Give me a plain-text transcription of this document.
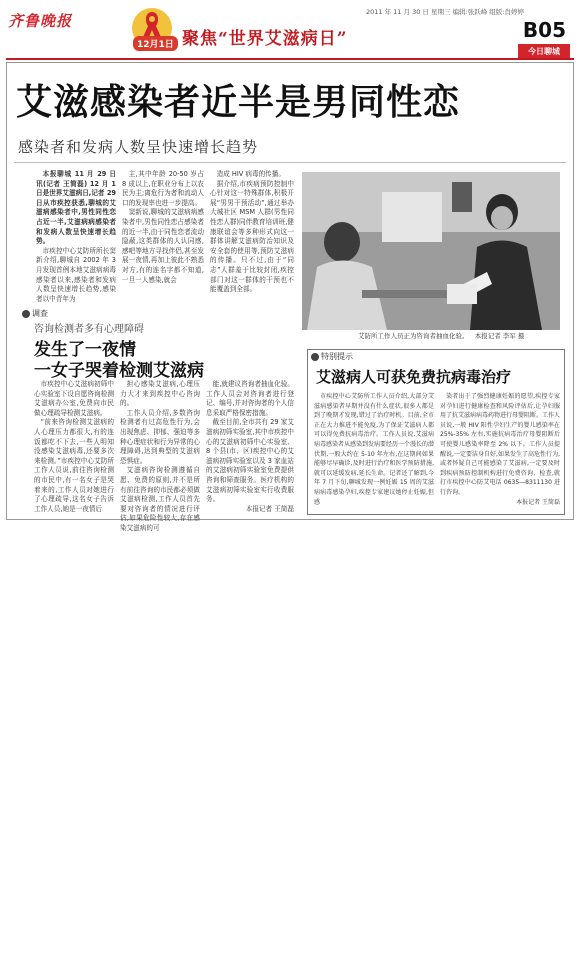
齐鲁晚报
12月1日 聚焦“世界艾滋病日”
2011 年 11 月 30 日 星期三 编辑:张跃峰 组版:肖婷婷
B05
今日聊城
艾滋感染者近半是男同性恋
感染者和发病人数呈快速增长趋势

本报聊城 11 月 29 日讯(记者 王简磊) 12 月 1 日是世界艾滋病日,记者 29 日从市疾控获悉,聊城的艾滋病感染者中,男性同性恋占近一半,艾滋病病感染者和发病人数呈快速增长趋势。

市疾控中心艾防所所长窦新介绍,聊城自 2002 年 3 月发现首例本地艾滋病病毒感染者以来,感染者和发病人数呈快速增长趋势,感染者以中青年为

主,其中年龄 20-50 岁占 8 成以上,在职业分布上以农民为主;离危行为者和流动人口的发现率也进一步提高。

窦新说,聊城的艾滋病病感染者中,男性同性恋占感染者的近一半,由于同性恋者流动隐蔽,这类群体的人认同感,感吧等地方寻找伴侣,甚至发展一夜情,再加上彼此不熟悉对方,有的连名字都不知道,一旦一人感染,就会

造成 HIV 病毒的传播。

据介绍,市疾病预防控制中心针对这一特殊群体,积极开展“男男干预活动”,通过举办大城社区 MSM 人群(男性同性恋人群)同伴教育培训班,健康联谊会等多种形式向这一群体讲解艾滋病防治知识及安全套的使用等,预防艾滋病的传播。只不过,由于“同志”人群羞于比较封闭,疾控部门对这一群体的干预也不能覆盖到全部。

调查
咨询检测者多有心理障碍
发生了一夜情
一女子哭着检测艾滋病

市疾控中心艾滋病初筛中心实验室下设自愿咨询检测艾滋病办公室,免费向市民做心理疏导检测艾滋病。

“前来咨询检测艾滋病的人心理压力都很大,有的连饭都吃不下去,一些人明知没感染艾滋病毒,还要多次来检测。”市疾控中心艾防所工作人员说,前往咨询检测的市民中,有一名女子是哭着来的,工作人员对她进行了心理疏导,这名女子告诉工作人员,她是一夜情后

担心感染艾滋病,心理压力大才来到疾控中心咨询的。

工作人员介绍,多数咨询检测者有过高危性行为,会出现焦虑、抑郁、强迫等多种心理症状和行为异常的心理障碍,达到典型的艾滋病恐惧症。

艾滋病咨询检测遵循自愿、免费的原则,并不是所有前往咨询的市民都必须做艾滋病检测,工作人员首先要对咨询者的情况进行评估,如果危险性较大,存在感染艾滋病的可

能,就建议咨询者抽血化验。工作人员会对咨询者进行登记、编号,并对咨询者的个人信息采取严格保密措施。

截至目前,全市共有 29 家艾滋病初筛实验室,其中市疾控中心的艾滋病初筛中心实验室、8 个县(市、区)疾控中心的艾滋病初筛实验室以及 3 家血站的艾滋病初筛实验室免费提供咨询和筛查服务。医疗机构的艾滋病初筛实验室实行收费服务。

本报记者 王简磊

艾防所工作人员正为咨询者抽血化验。 本报记者 李军 摄
特别提示
艾滋病人可获免费抗病毒治疗

市疾控中心艾防所工作人员介绍,大部分艾滋病感染者早期并没有什么症状,很多人都是到了晚期才发现,错过了治疗时机。目前,全市正在大力推进不能免疫,为了保证艾滋病人都可以得免费抗病毒治疗。工作人员说,艾滋病病毒感染者从感染到发病要经历一个漫长的潜伏期,一般大约在 5-10 年左右,在这期间如果能够尽早确诊,及时进行治疗和医学预防措施,就可以延缓发病,延长生命。记者还了解到,今年 7 月下旬,聊城发现一例妊娠 15 周的艾滋病病毒感染孕妇,疾控专家建议她停止妊娠,但感

染者出于了强烈健康妊娠的愿望,疾控专家对孕妇进行健康检查和风险评估后,让孕妇服用了抗艾滋病病毒药物进行母婴阻断。工作人员说,一般 HIV 阳性孕妇生产的婴儿感染率在 25%-35% 左右,实施抗病毒治疗母婴阻断后可使婴儿感染率降至 2% 以下。工作人员提醒说,一定要洁身自好,如果发生了高危性行为,或者怀疑自己可能感染了艾滋病,一定要及时到疾病预防控制机构进行免费咨询、检查,就打市疾控中心防艾电话 0635—8311130 进行咨询。

本报记者 王简磊
